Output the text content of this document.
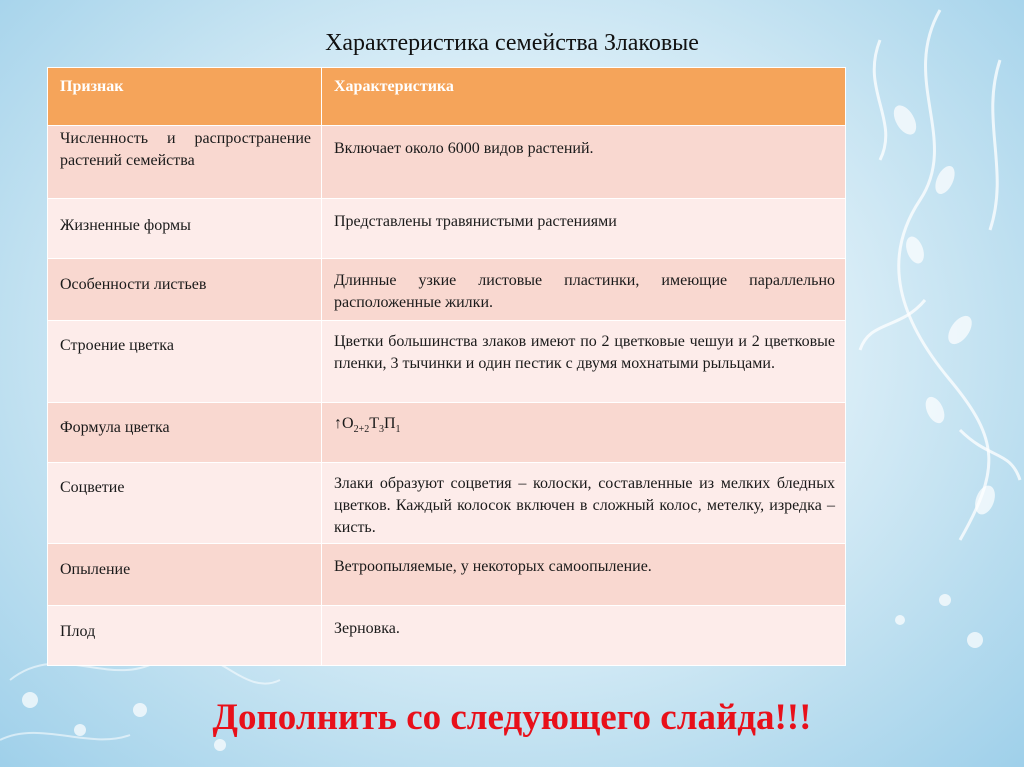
Характеристика семейства Злаковые
Признак	Характеристика
Численность и распространение растений семейства	Включает около 6000 видов растений.
Жизненные формы	Представлены травянистыми растениями
Особенности листьев	Длинные узкие листовые пластинки, имеющие параллельно расположенные жилки.
Строение цветка	Цветки большинства злаков имеют по 2 цветковые чешуи и 2 цветковые пленки, 3 тычинки и один пестик с двумя мохнатыми рыльцами.
Формула цветка	$↑О_{2+2}Т_3П_1$
Соцветие	Злаки образуют соцветия – колоски, составленные из мелких бледных цветков. Каждый колосок включен в сложный колос, метелку, изредка – кисть.
Опыление	Ветроопыляемые, у некоторых самоопыление.
Плод	Зерновка.
Дополнить со следующего слайда!!!
